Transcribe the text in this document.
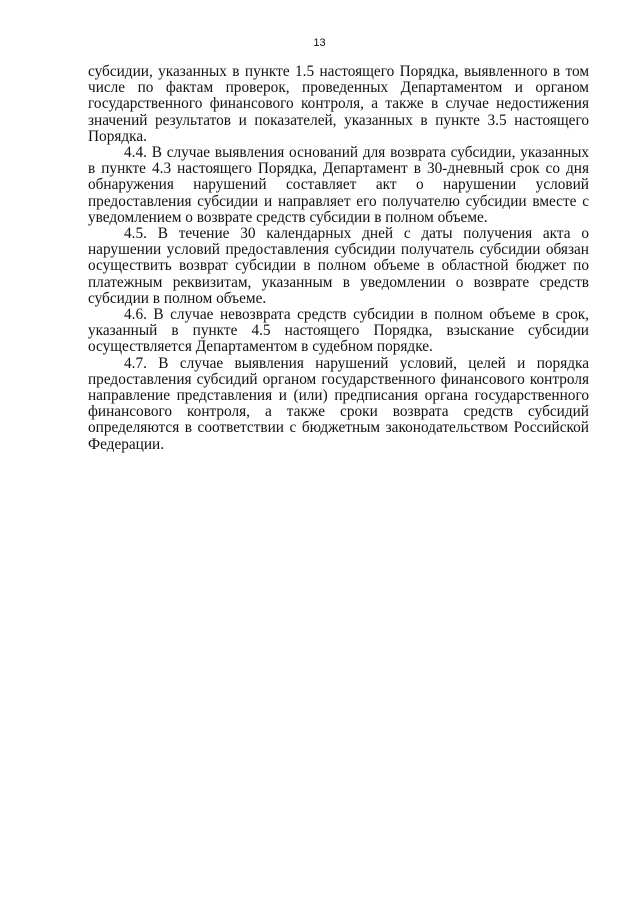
13

субсидии, указанных в пункте 1.5 настоящего Порядка, выявленного в том числе по фактам проверок, проведенных Департаментом и органом государственного финансового контроля, а также в случае недостижения значений результатов и показателей, указанных в пункте 3.5 настоящего Порядка.

4.4. В случае выявления оснований для возврата субсидии, указанных в пункте 4.3 настоящего Порядка, Департамент в 30-дневный срок со дня обнаружения нарушений составляет акт о нарушении условий предоставления субсидии и направляет его получателю субсидии вместе с уведомлением о возврате средств субсидии в полном объеме.

4.5. В течение 30 календарных дней с даты получения акта о нарушении условий предоставления субсидии получатель субсидии обязан осуществить возврат субсидии в полном объеме в областной бюджет по платежным реквизитам, указанным в уведомлении о возврате средств субсидии в полном объеме.

4.6. В случае невозврата средств субсидии в полном объеме в срок, указанный в пункте 4.5 настоящего Порядка, взыскание субсидии осуществляется Департаментом в судебном порядке.

4.7. В случае выявления нарушений условий, целей и порядка предоставления субсидий органом государственного финансового контроля направление представления и (или) предписания органа государственного финансового контроля, а также сроки возврата средств субсидий определяются в соответствии с бюджетным законодательством Российской Федерации.
